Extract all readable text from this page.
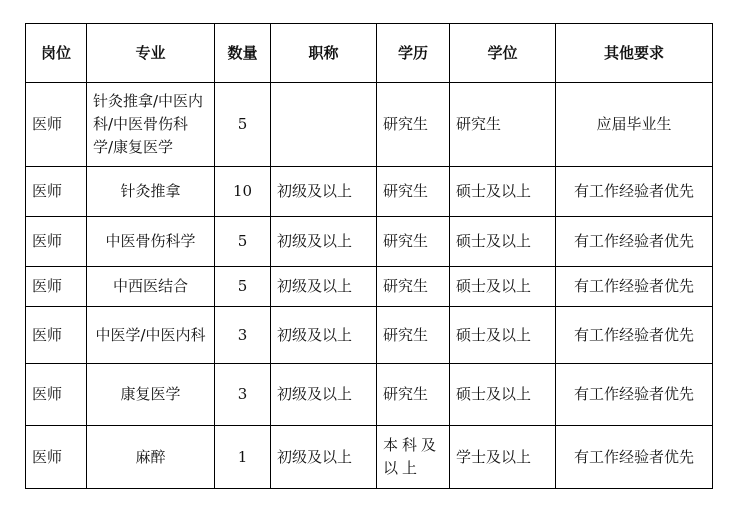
岗位	专业	数量	职称	学历	学位	其他要求
医师	针灸推拿/中医内科/中医骨伤科学/康复医学	5		研究生	研究生	应届毕业生
医师	针灸推拿	10	初级及以上	研究生	硕士及以上	有工作经验者优先
医师	中医骨伤科学	5	初级及以上	研究生	硕士及以上	有工作经验者优先
医师	中西医结合	5	初级及以上	研究生	硕士及以上	有工作经验者优先
医师	中医学/中医内科	3	初级及以上	研究生	硕士及以上	有工作经验者优先
医师	康复医学	3	初级及以上	研究生	硕士及以上	有工作经验者优先
医师	麻醉	1	初级及以上	本科及以上	学士及以上	有工作经验者优先
